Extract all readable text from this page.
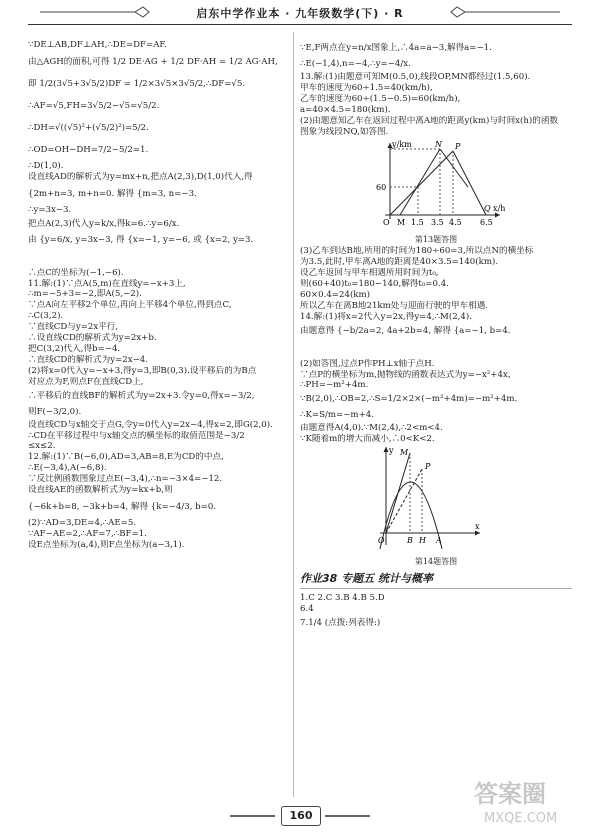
启东中学作业本 · 九年级数学(下) · R
∵DE⊥AB,DF⊥AH,∴DE=DF=AF.
由△AGH的面积,可得 1/2 DE·AG + 1/2 DF·AH = 1/2 AG·AH,
即 1/2(3√5+3√5/2)DF = 1/2×3√5×3√5/2,∴DF=√5.
∴AF=√5,FH=3√5/2−√5=√5/2.
∴DH=√((√5)²+(√5/2)²)=5/2.
∴OD=OH−DH=7/2−5/2=1.
∴D(1,0).
设直线AD的解析式为y=mx+n,把点A(2,3),D(1,0)代入,得
{2m+n=3, m+n=0. 解得 {m=3, n=−3.
∴y=3x−3.
把点A(2,3)代入y=k/x,得k=6.∴y=6/x.
由 {y=6/x, y=3x−3, 得 {x=−1, y=−6, 或 {x=2, y=3.
∴点C的坐标为(−1,−6).
11.解:(1)∵点A(5,m)在直线y=−x+3上,
∴m=−5+3=−2,即A(5,−2).
∵点A向左平移2个单位,再向上平移4个单位,得到点C,
∴C(3,2).
∵直线CD与y=2x平行,
∴设直线CD的解析式为y=2x+b.
把C(3,2)代入,得b=−4.
∴直线CD的解析式为y=2x−4.
(2)将x=0代入y=−x+3,得y=3,即B(0,3).设平移后的为B点
对应点为F,则点F在直线CD上,
∴平移后的直线BF的解析式为y=2x+3.令y=0,得x=−3/2,
则F(−3/2,0).
设直线CD与x轴交于点G,令y=0代入y=2x−4,得x=2,即G(2,0).
∴CD在平移过程中与x轴交点的横坐标的取值范围是−3/2
≤x≤2.
12.解:(1)∵B(−6,0),AD=3,AB=8,E为CD的中点,
∴E(−3,4),A(−6,8).
∵反比例函数图象过点E(−3,4),∴n=−3×4=−12.
设直线AE的函数解析式为y=kx+b,则
{−6k+b=8, −3k+b=4, 解得 {k=−4/3, b=0.
(2)∵AD=3,DE=4,∴AE=5.
∵AF−AE=2,∴AF=7,∴BF=1.
设E点坐标为(a,4),则F点坐标为(a−3,1).
∵E,F两点在y=n/x图象上,∴4a=a−3,解得a=−1.
∴E(−1,4),n=−4,∴y=−4/x.
13.解:(1)由题意可知M(0.5,0),线段OP,MN都经过(1.5,60).
甲车的速度为60÷1.5=40(km/h),
乙车的速度为60÷(1.5−0.5)=60(km/h),
a=40×4.5=180(km).
(2)由题意知乙车在返回过程中离A地的距离y(km)与时间x(h)的函数
图象为线段NQ,如答图.
y/km
x/h
60
O M 1.5 3.5 4.5 6.5
N P
Q
第13题答图
(3)乙车到达B地,所用的时间为180÷60=3,所以点N的横坐标
为3.5,此时,甲车离A地的距离是40×3.5=140(km).
设乙车返回与甲车相遇所用时间为t₀,
则(60+40)t₀=180−140,解得t₀=0.4.
60×0.4=24(km)
所以乙车在离B地21km处与迎面行驶的甲车相遇.
14.解:(1)将x=2代入y=2x,得y=4,∴M(2,4).
由题意得 {−b/2a=2, 4a+2b=4, 解得 {a=−1, b=4.
(2)如答图,过点P作PH⊥x轴于点H.
∵点P的横坐标为m,抛物线的函数表达式为y=−x²+4x,
∴PH=−m²+4m.
∵B(2,0),∴OB=2,∴S=1/2×2×(−m²+4m)=−m²+4m.
∴K=S/m=−m+4.
由题意得A(4,0).∵M(2,4),∴2<m<4.
∵K随着m的增大而减小,∴0<K<2.
y
x
M
P
O	B H A
第14题答图
作业38 专题五 统计与概率
1.C 2.C 3.B 4.B 5.D
6.4
7.1/4 (点拨:列表得:)
160
答案圈
MXQE.COM
